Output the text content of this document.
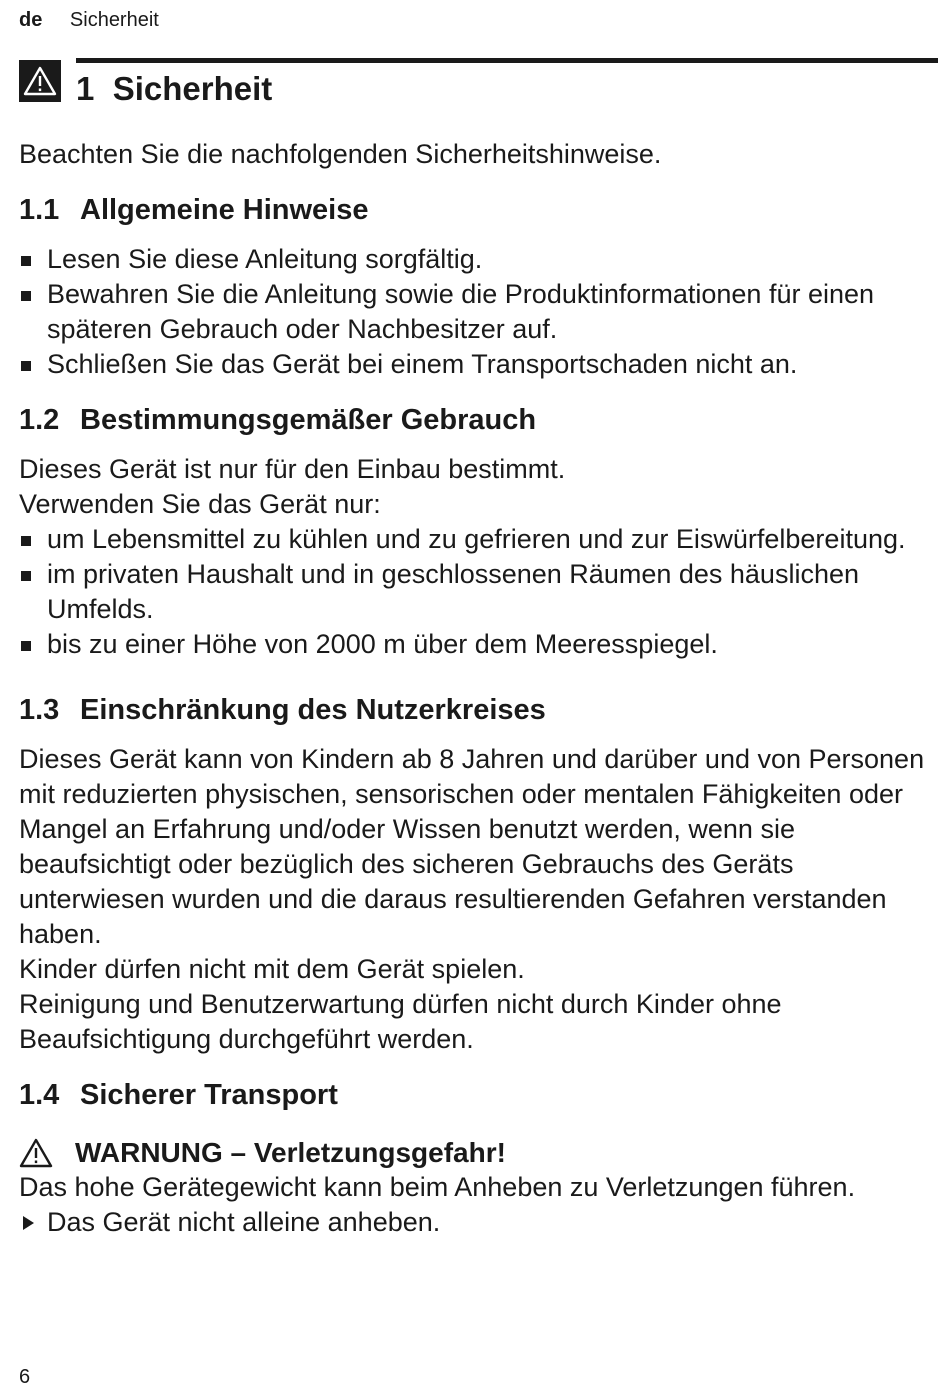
de Sicherheit
1 Sicherheit

Beachten Sie die nachfolgenden Sicherheitshinweise.

1.1 Allgemeine Hinweise
Lesen Sie diese Anleitung sorgfältig.
Bewahren Sie die Anleitung sowie die Produktinformationen für einen späteren Gebrauch oder Nachbesitzer auf.
Schließen Sie das Gerät bei einem Transportschaden nicht an.
1.2 Bestimmungsgemäßer Gebrauch

Dieses Gerät ist nur für den Einbau bestimmt.

Verwenden Sie das Gerät nur:

um Lebensmittel zu kühlen und zu gefrieren und zur Eiswürfelbereitung.
im privaten Haushalt und in geschlossenen Räumen des häuslichen Umfelds.
bis zu einer Höhe von 2000 m über dem Meeresspiegel.
1.3 Einschränkung des Nutzerkreises

Dieses Gerät kann von Kindern ab 8 Jahren und darüber und von Personen mit reduzierten physischen, sensorischen oder mentalen Fähigkeiten oder Mangel an Erfahrung und/oder Wissen benutzt werden, wenn sie beaufsichtigt oder bezüglich des sicheren Gebrauchs des Geräts unterwiesen wurden und die daraus resultierenden Gefahren verstanden haben.

Kinder dürfen nicht mit dem Gerät spielen.

Reinigung und Benutzerwartung dürfen nicht durch Kinder ohne Beaufsichtigung durchgeführt werden.

1.4 Sicherer Transport
WARNUNG – Verletzungsgefahr!

Das hohe Gerätegewicht kann beim Anheben zu Verletzungen führen.

Das Gerät nicht alleine anheben.
6
